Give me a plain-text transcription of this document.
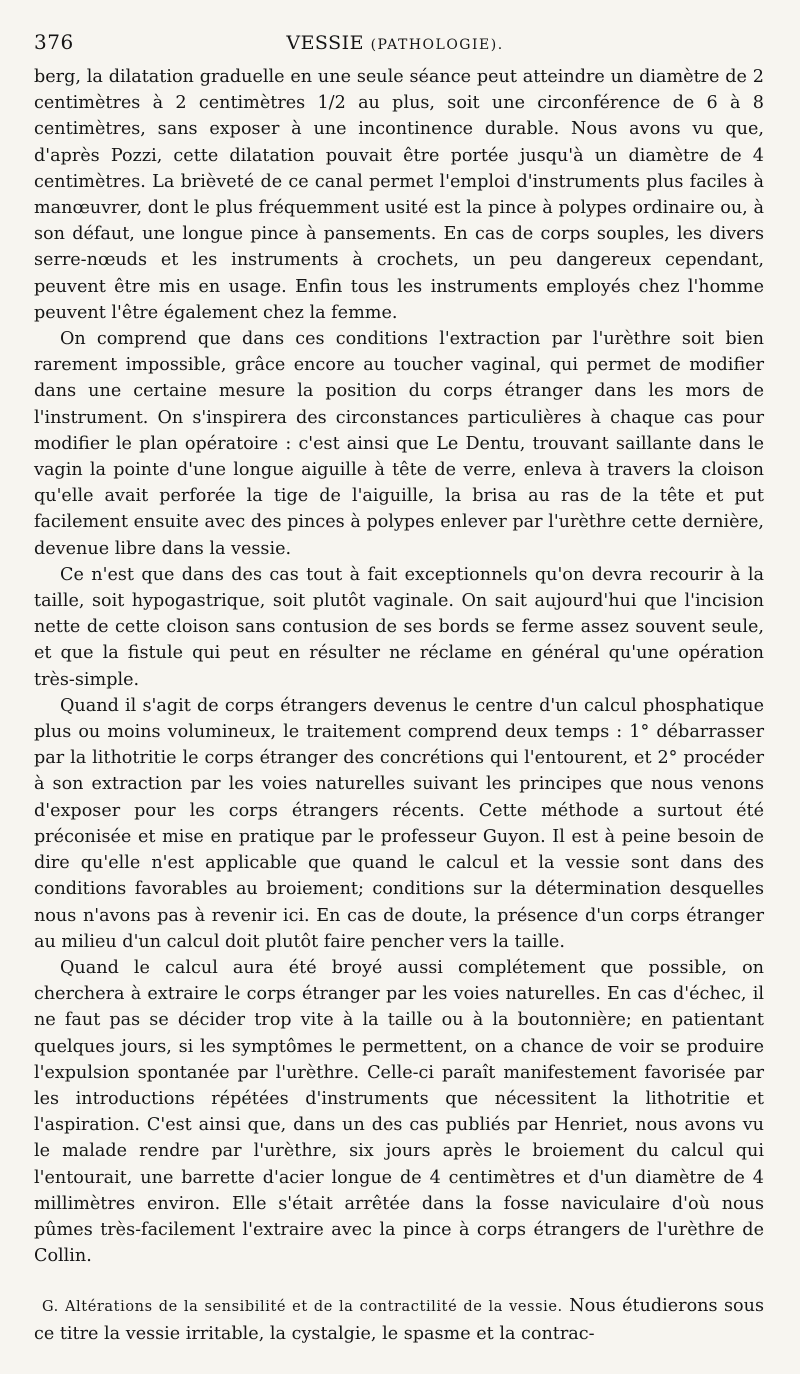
376	VESSIE (PATHOLOGIE).

berg, la dilatation graduelle en une seule séance peut atteindre un diamètre de 2 centimètres à 2 centimètres 1/2 au plus, soit une circonférence de 6 à 8 centimètres, sans exposer à une incontinence durable. Nous avons vu que, d'après Pozzi, cette dilatation pouvait être portée jusqu'à un diamètre de 4 centimètres. La brièveté de ce canal permet l'emploi d'instruments plus faciles à manœuvrer, dont le plus fréquemment usité est la pince à polypes ordinaire ou, à son défaut, une longue pince à pansements. En cas de corps souples, les divers serre-nœuds et les instruments à crochets, un peu dangereux cependant, peuvent être mis en usage. Enfin tous les instruments employés chez l'homme peuvent l'être également chez la femme.

On comprend que dans ces conditions l'extraction par l'urèthre soit bien rarement impossible, grâce encore au toucher vaginal, qui permet de modifier dans une certaine mesure la position du corps étranger dans les mors de l'instrument. On s'inspirera des circonstances particulières à chaque cas pour modifier le plan opératoire : c'est ainsi que Le Dentu, trouvant saillante dans le vagin la pointe d'une longue aiguille à tête de verre, enleva à travers la cloison qu'elle avait perforée la tige de l'aiguille, la brisa au ras de la tête et put facilement ensuite avec des pinces à polypes enlever par l'urèthre cette dernière, devenue libre dans la vessie.

Ce n'est que dans des cas tout à fait exceptionnels qu'on devra recourir à la taille, soit hypogastrique, soit plutôt vaginale. On sait aujourd'hui que l'incision nette de cette cloison sans contusion de ses bords se ferme assez souvent seule, et que la fistule qui peut en résulter ne réclame en général qu'une opération très-simple.

Quand il s'agit de corps étrangers devenus le centre d'un calcul phosphatique plus ou moins volumineux, le traitement comprend deux temps : 1° débarrasser par la lithotritie le corps étranger des concrétions qui l'entourent, et 2° procéder à son extraction par les voies naturelles suivant les principes que nous venons d'exposer pour les corps étrangers récents. Cette méthode a surtout été préconisée et mise en pratique par le professeur Guyon. Il est à peine besoin de dire qu'elle n'est applicable que quand le calcul et la vessie sont dans des conditions favorables au broiement; conditions sur la détermination desquelles nous n'avons pas à revenir ici. En cas de doute, la présence d'un corps étranger au milieu d'un calcul doit plutôt faire pencher vers la taille.

Quand le calcul aura été broyé aussi complétement que possible, on cherchera à extraire le corps étranger par les voies naturelles. En cas d'échec, il ne faut pas se décider trop vite à la taille ou à la boutonnière; en patientant quelques jours, si les symptômes le permettent, on a chance de voir se produire l'expulsion spontanée par l'urèthre. Celle-ci paraît manifestement favorisée par les introductions répétées d'instruments que nécessitent la lithotritie et l'aspiration. C'est ainsi que, dans un des cas publiés par Henriet, nous avons vu le malade rendre par l'urèthre, six jours après le broiement du calcul qui l'entourait, une barrette d'acier longue de 4 centimètres et d'un diamètre de 4 millimètres environ. Elle s'était arrêtée dans la fosse naviculaire d'où nous pûmes très-facilement l'extraire avec la pince à corps étrangers de l'urèthre de Collin.

G. Altérations de la sensibilité et de la contractilité de la vessie. Nous étudierons sous ce titre la vessie irritable, la cystalgie, le spasme et la contrac-
